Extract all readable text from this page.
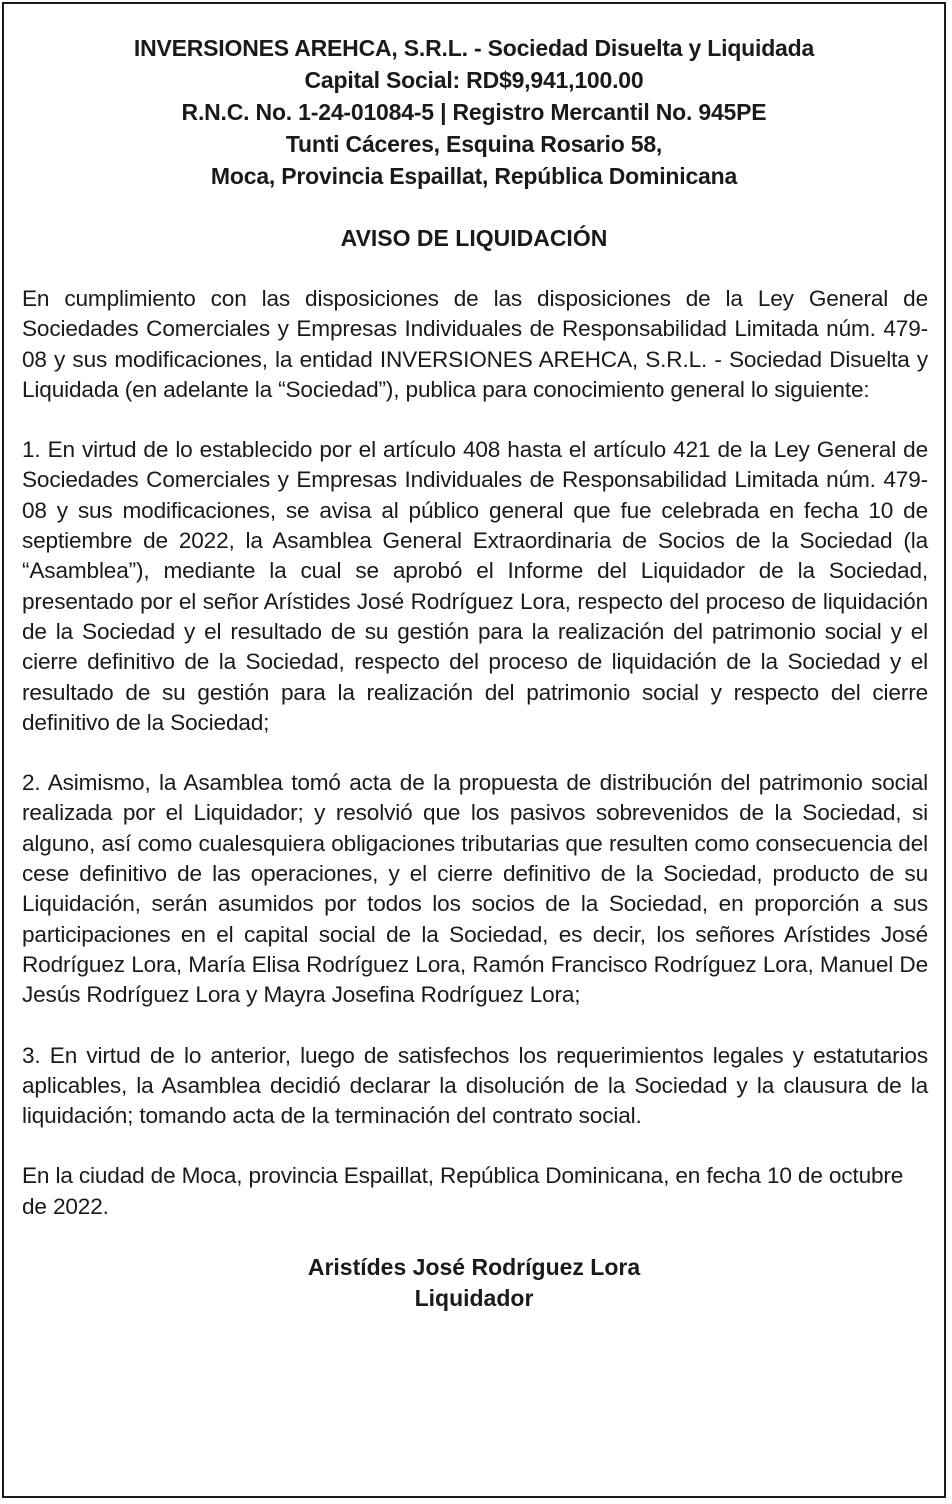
INVERSIONES AREHCA, S.R.L. - Sociedad Disuelta y Liquidada
Capital Social: RD$9,941,100.00
R.N.C. No. 1-24-01084-5 | Registro Mercantil No. 945PE
Tunti Cáceres, Esquina Rosario 58,
Moca, Provincia Espaillat, República Dominicana
AVISO DE LIQUIDACIÓN

En cumplimiento con las disposiciones de las disposiciones de la Ley General de Sociedades Comerciales y Empresas Individuales de Responsabilidad Limitada núm. 479-08 y sus modificaciones, la entidad INVERSIONES AREHCA, S.R.L. - Sociedad Disuelta y Liquidada (en adelante la “Sociedad”), publica para conocimiento general lo siguiente:

1. En virtud de lo establecido por el artículo 408 hasta el artículo 421 de la Ley General de Sociedades Comerciales y Empresas Individuales de Responsabilidad Limitada núm. 479-08 y sus modificaciones, se avisa al público general que fue celebrada en fecha 10 de septiembre de 2022, la Asamblea General Extraordinaria de Socios de la Sociedad (la “Asamblea”), mediante la cual se aprobó el Informe del Liquidador de la Sociedad, presentado por el señor Arístides José Rodríguez Lora, respecto del proceso de liquidación de la Sociedad y el resultado de su gestión para la realización del patrimonio social y el cierre definitivo de la Sociedad, respecto del proceso de liquidación de la Sociedad y el resultado de su gestión para la realización del patrimonio social y respecto del cierre definitivo de la Sociedad;

2. Asimismo, la Asamblea tomó acta de la propuesta de distribución del patrimonio social realizada por el Liquidador; y resolvió que los pasivos sobrevenidos de la Sociedad, si alguno, así como cualesquiera obligaciones tributarias que resulten como consecuencia del cese definitivo de las operaciones, y el cierre definitivo de la Sociedad, producto de su Liquidación, serán asumidos por todos los socios de la Sociedad, en proporción a sus participaciones en el capital social de la Sociedad, es decir, los señores Arístides José Rodríguez Lora, María Elisa Rodríguez Lora, Ramón Francisco Rodríguez Lora, Manuel De Jesús Rodríguez Lora y Mayra Josefina Rodríguez Lora;

3. En virtud de lo anterior, luego de satisfechos los requerimientos legales y estatutarios aplicables, la Asamblea decidió declarar la disolución de la Sociedad y la clausura de la liquidación; tomando acta de la terminación del contrato social.

En la ciudad de Moca, provincia Espaillat, República Dominicana, en fecha 10 de octubre de 2022.

Aristídes José Rodríguez Lora
Liquidador
